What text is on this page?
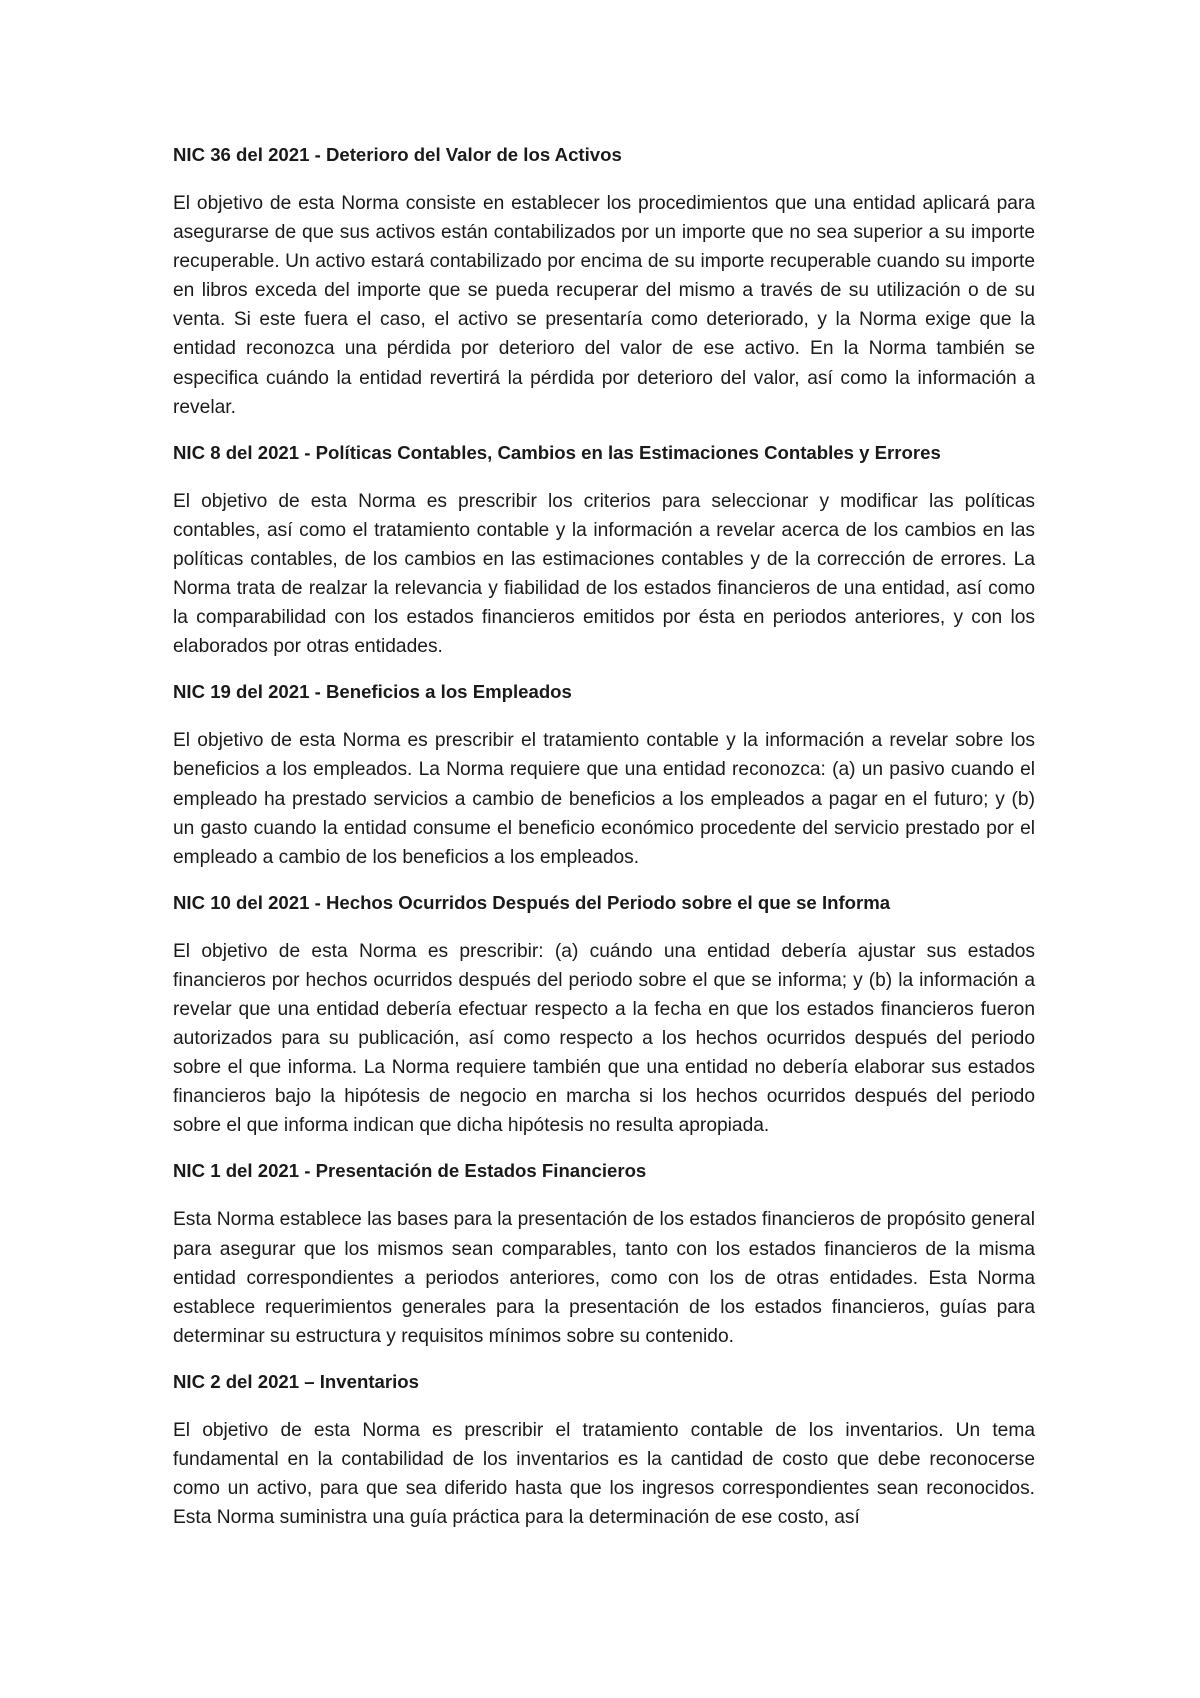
NIC 36 del 2021 - Deterioro del Valor de los Activos
El objetivo de esta Norma consiste en establecer los procedimientos que una entidad aplicará para asegurarse de que sus activos están contabilizados por un importe que no sea superior a su importe recuperable. Un activo estará contabilizado por encima de su importe recuperable cuando su importe en libros exceda del importe que se pueda recuperar del mismo a través de su utilización o de su venta. Si este fuera el caso, el activo se presentaría como deteriorado, y la Norma exige que la entidad reconozca una pérdida por deterioro del valor de ese activo. En la Norma también se especifica cuándo la entidad revertirá la pérdida por deterioro del valor, así como la información a revelar.
NIC 8 del 2021 - Políticas Contables, Cambios en las Estimaciones Contables y Errores
El objetivo de esta Norma es prescribir los criterios para seleccionar y modificar las políticas contables, así como el tratamiento contable y la información a revelar acerca de los cambios en las políticas contables, de los cambios en las estimaciones contables y de la corrección de errores. La Norma trata de realzar la relevancia y fiabilidad de los estados financieros de una entidad, así como la comparabilidad con los estados financieros emitidos por ésta en periodos anteriores, y con los elaborados por otras entidades.
NIC 19 del 2021 - Beneficios a los Empleados
El objetivo de esta Norma es prescribir el tratamiento contable y la información a revelar sobre los beneficios a los empleados. La Norma requiere que una entidad reconozca: (a) un pasivo cuando el empleado ha prestado servicios a cambio de beneficios a los empleados a pagar en el futuro; y (b) un gasto cuando la entidad consume el beneficio económico procedente del servicio prestado por el empleado a cambio de los beneficios a los empleados.
NIC 10 del 2021 - Hechos Ocurridos Después del Periodo sobre el que se Informa
El objetivo de esta Norma es prescribir: (a) cuándo una entidad debería ajustar sus estados financieros por hechos ocurridos después del periodo sobre el que se informa; y (b) la información a revelar que una entidad debería efectuar respecto a la fecha en que los estados financieros fueron autorizados para su publicación, así como respecto a los hechos ocurridos después del periodo sobre el que informa. La Norma requiere también que una entidad no debería elaborar sus estados financieros bajo la hipótesis de negocio en marcha si los hechos ocurridos después del periodo sobre el que informa indican que dicha hipótesis no resulta apropiada.
NIC 1 del 2021 - Presentación de Estados Financieros
Esta Norma establece las bases para la presentación de los estados financieros de propósito general para asegurar que los mismos sean comparables, tanto con los estados financieros de la misma entidad correspondientes a periodos anteriores, como con los de otras entidades. Esta Norma establece requerimientos generales para la presentación de los estados financieros, guías para determinar su estructura y requisitos mínimos sobre su contenido.
NIC 2 del 2021 – Inventarios
El objetivo de esta Norma es prescribir el tratamiento contable de los inventarios. Un tema fundamental en la contabilidad de los inventarios es la cantidad de costo que debe reconocerse como un activo, para que sea diferido hasta que los ingresos correspondientes sean reconocidos. Esta Norma suministra una guía práctica para la determinación de ese costo, así
